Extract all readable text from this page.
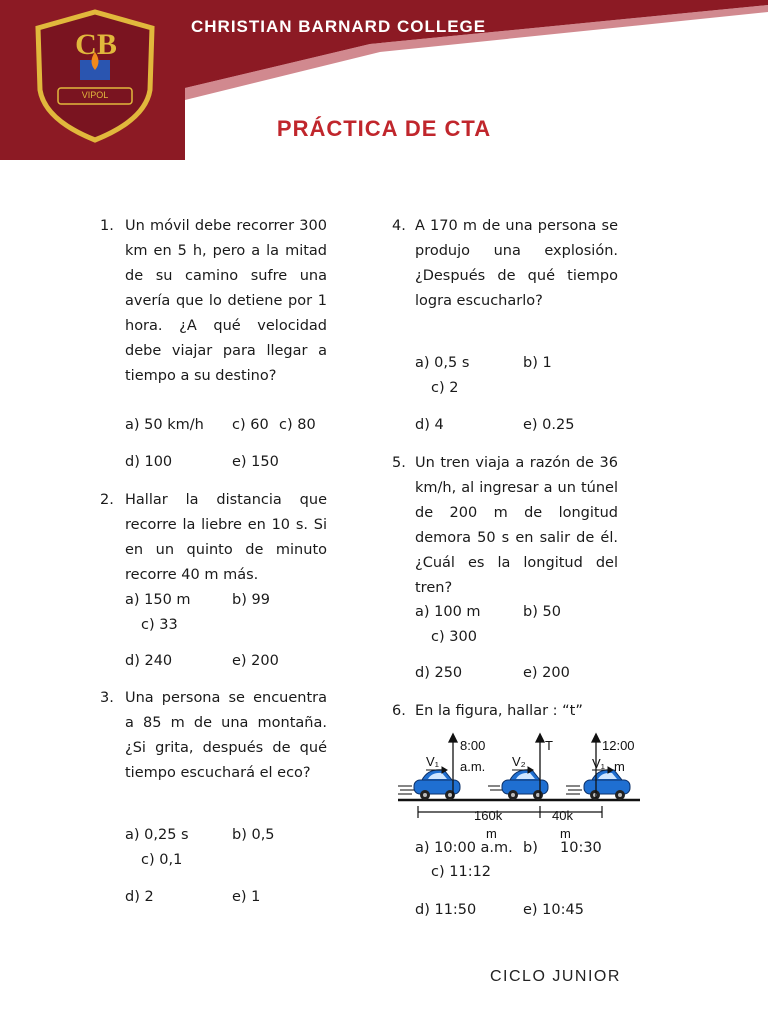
CB
VIPOL
CHRISTIAN BARNARD COLLEGE
PRÁCTICA DE CTA
1. Un móvil debe recorrer 300 km en 5 h, pero a la mitad de su camino sufre una avería que lo detiene por 1 hora. ¿A qué velocidad debe viajar para llegar a tiempo a su destino?
a) 50 km/h c) 60 c) 80
d) 100	e) 150
2. Hallar la distancia que recorre la liebre en 10 s. Si en un quinto de minuto recorre 40 m más.
a) 150 m	b) 99
c) 33
d) 240	e) 200
3. Una persona se encuentra a 85 m de una montaña. ¿Si grita, después de qué tiempo escuchará el eco?
a) 0,25 s	b) 0,5
c) 0,1
d) 2	e) 1
4. A 170 m de una persona se produjo una explosión. ¿Después de qué tiempo logra escucharlo?
a) 0,5 s	b) 1
c) 2
d) 4	e) 0.25
5. Un tren viaja a razón de 36 km/h, al ingresar a un túnel de 200 m de longitud demora 50 s en salir de él. ¿Cuál es la longitud del tren?
a) 100 m	b) 50
c) 300
d) 250	e) 200
6. En la figura, hallar : “t”
8:00
a.m.
T	12:00
m
V₁	V₂	V₁
160k
m
40k
m
a) 10:00 a.m. b) 10:30
c) 11:12
d) 11:50	e) 10:45
CICLO JUNIOR
